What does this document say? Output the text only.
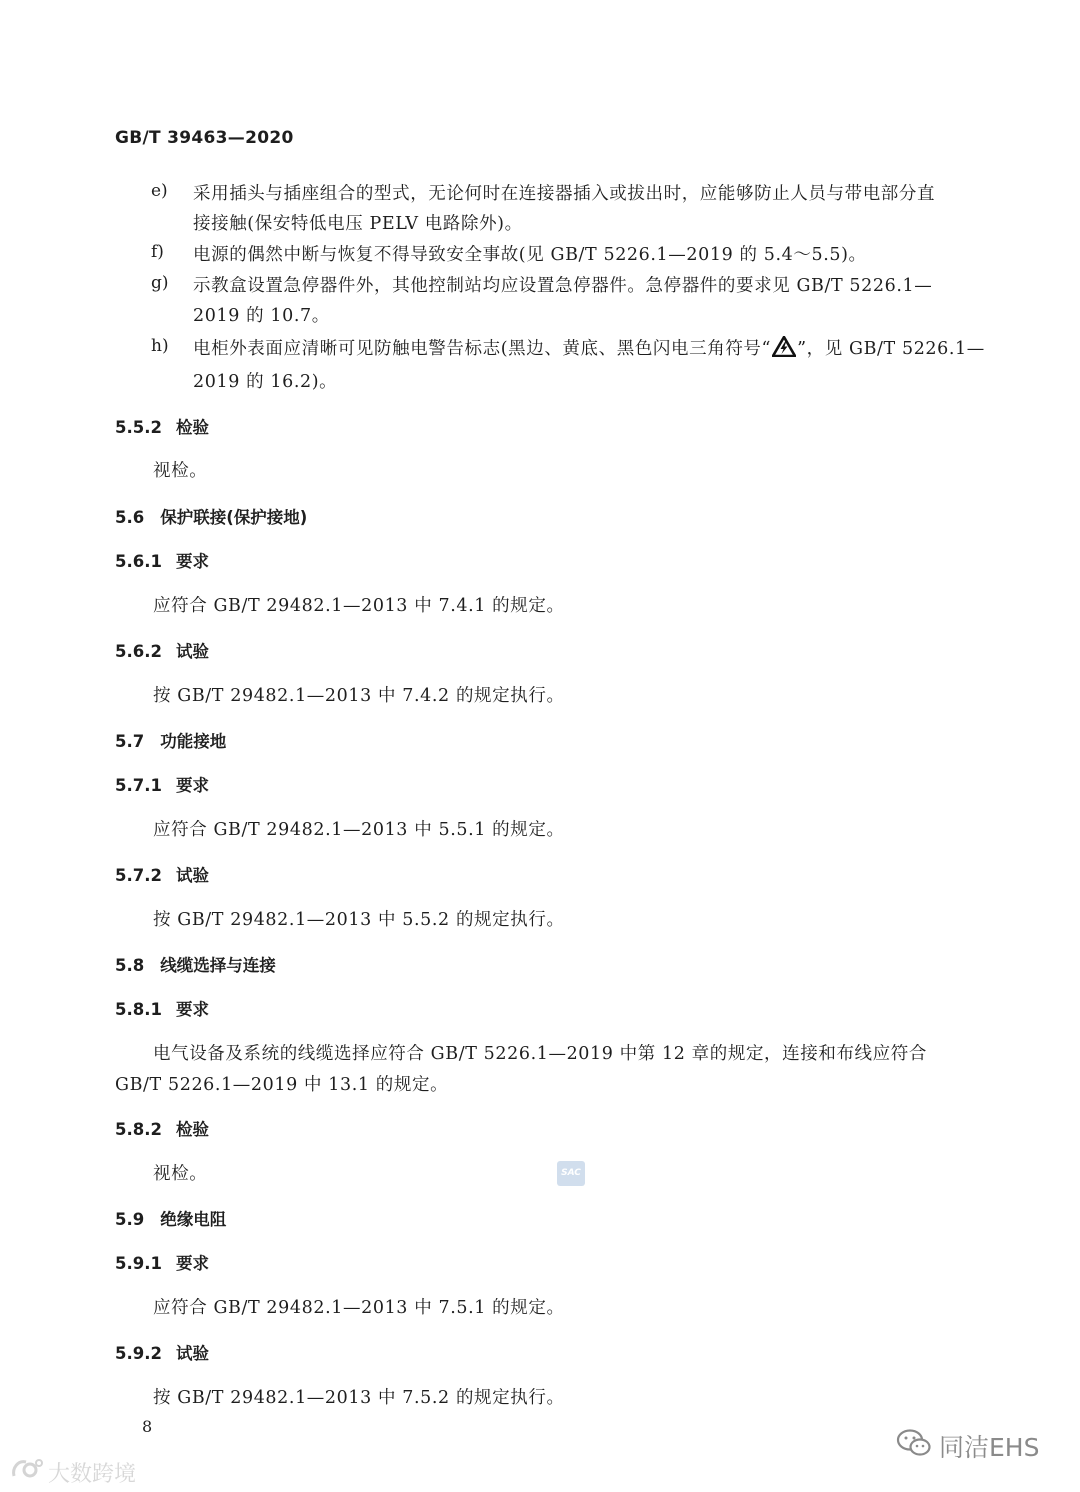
GB/T 39463—2020
e) 采用插头与插座组合的型式，无论何时在连接器插入或拔出时，应能够防止人员与带电部分直
接接触(保安特低电压 PELV 电路除外)。
f) 电源的偶然中断与恢复不得导致安全事故(见 GB/T 5226.1—2019 的 5.4～5.5)。
g) 示教盒设置急停器件外，其他控制站均应设置急停器件。急停器件的要求见 GB/T 5226.1—
2019 的 10.7。
h) 电柜外表面应清晰可见防触电警告标志(黑边、黄底、黑色闪电三角符号“ ”，见 GB/T 5226.1—
2019 的 16.2)。
5.5.2 检验
视检。
5.6 保护联接(保护接地)
5.6.1 要求
应符合 GB/T 29482.1—2013 中 7.4.1 的规定。
5.6.2 试验
按 GB/T 29482.1—2013 中 7.4.2 的规定执行。
5.7 功能接地
5.7.1 要求
应符合 GB/T 29482.1—2013 中 5.5.1 的规定。
5.7.2 试验
按 GB/T 29482.1—2013 中 5.5.2 的规定执行。
5.8 线缆选择与连接
5.8.1 要求
电气设备及系统的线缆选择应符合 GB/T 5226.1—2019 中第 12 章的规定，连接和布线应符合
GB/T 5226.1—2019 中 13.1 的规定。
5.8.2 检验
视检。	SAC
5.9 绝缘电阻
5.9.1 要求
应符合 GB/T 29482.1—2013 中 7.5.1 的规定。
5.9.2 试验
按 GB/T 29482.1—2013 中 7.5.2 的规定执行。
8
大数跨境
同洁EHS
